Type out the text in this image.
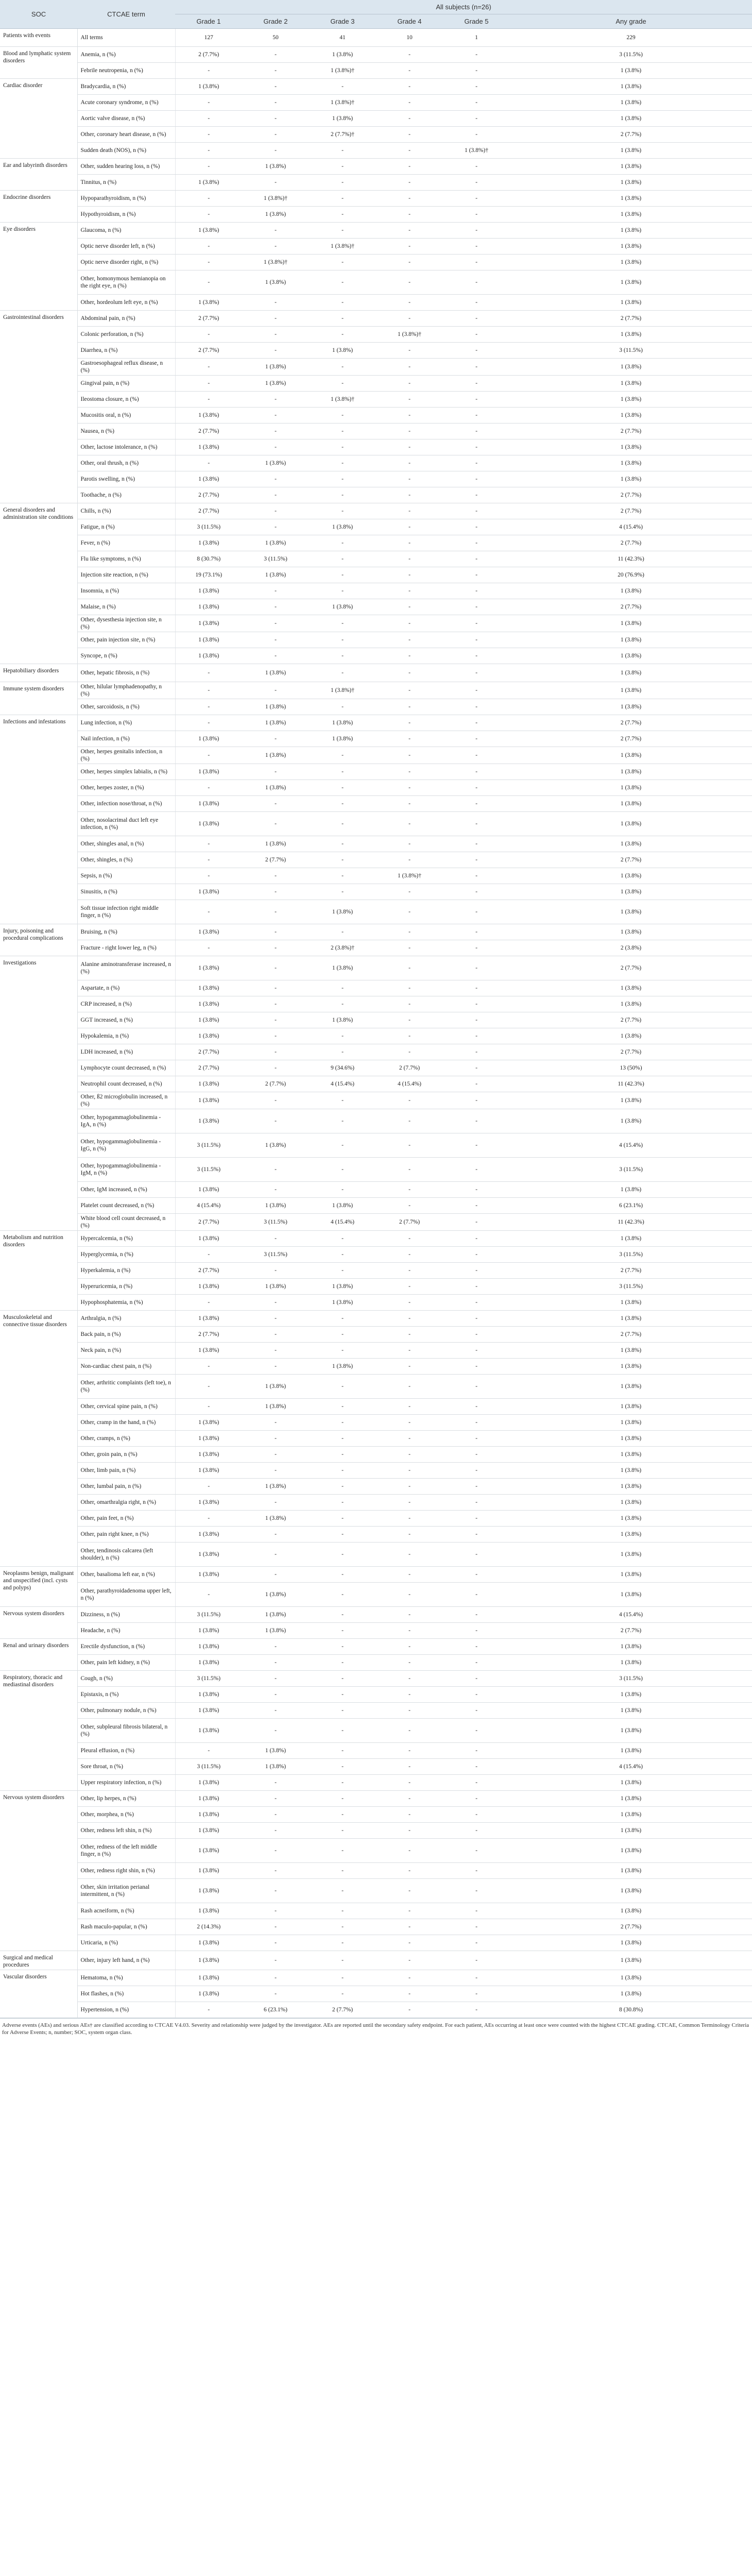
SOC	CTCAE term	All subjects (n=26)					
		Grade 1	Grade 2	Grade 3	Grade 4	Grade 5	Any grade
Patients with events	All terms	127	50	41	10	1	229
Blood and lymphatic system disorders	Anemia, n (%)	2 (7.7%)	-	1 (3.8%)	-	-	3 (11.5%)
	Febrile neutropenia, n (%)	-	-	1 (3.8%)†	-	-	1 (3.8%)
Cardiac disorder	Bradycardia, n (%)	1 (3.8%)	-	-	-	-	1 (3.8%)
	Acute coronary syndrome, n (%)	-	-	1 (3.8%)†	-	-	1 (3.8%)
	Aortic valve disease, n (%)	-	-	1 (3.8%)	-	-	1 (3.8%)
	Other, coronary heart disease, n (%)	-	-	2 (7.7%)†	-	-	2 (7.7%)
	Sudden death (NOS), n (%)	-	-	-	-	1 (3.8%)†	1 (3.8%)
Ear and labyrinth disorders	Other, sudden hearing loss, n (%)	-	1 (3.8%)	-	-	-	1 (3.8%)
	Tinnitus, n (%)	1 (3.8%)	-	-	-	-	1 (3.8%)
Endocrine disorders	Hypoparathyroidism, n (%)	-	1 (3.8%)†	-	-	-	1 (3.8%)
	Hypothyroidism, n (%)	-	1 (3.8%)	-	-	-	1 (3.8%)
Eye disorders	Glaucoma, n (%)	1 (3.8%)	-	-	-	-	1 (3.8%)
	Optic nerve disorder left, n (%)	-	-	1 (3.8%)†	-	-	1 (3.8%)
	Optic nerve disorder right, n (%)	-	1 (3.8%)†	-	-	-	1 (3.8%)
	Other, homonymous hemianopia on the right eye, n (%)	-	1 (3.8%)	-	-	-	1 (3.8%)
	Other, hordeolum left eye, n (%)	1 (3.8%)	-	-	-	-	1 (3.8%)
Gastrointestinal disorders	Abdominal pain, n (%)	2 (7.7%)	-	-	-	-	2 (7.7%)
	Colonic perforation, n (%)	-	-	-	1 (3.8%)†	-	1 (3.8%)
	Diarrhea, n (%)	2 (7.7%)	-	1 (3.8%)	-	-	3 (11.5%)
	Gastroesophageal reflux disease, n (%)	-	1 (3.8%)	-	-	-	1 (3.8%)
	Gingival pain, n (%)	-	1 (3.8%)	-	-	-	1 (3.8%)
	Ileostoma closure, n (%)	-	-	1 (3.8%)†	-	-	1 (3.8%)
	Mucositis oral, n (%)	1 (3.8%)	-	-	-	-	1 (3.8%)
	Nausea, n (%)	2 (7.7%)	-	-	-	-	2 (7.7%)
	Other, lactose intolerance, n (%)	1 (3.8%)	-	-	-	-	1 (3.8%)
	Other, oral thrush, n (%)	-	1 (3.8%)	-	-	-	1 (3.8%)
	Parotis swelling, n (%)	1 (3.8%)	-	-	-	-	1 (3.8%)
	Toothache, n (%)	2 (7.7%)	-	-	-	-	2 (7.7%)
General disorders and administration site conditions	Chills, n (%)	2 (7.7%)	-	-	-	-	2 (7.7%)
	Fatigue, n (%)	3 (11.5%)	-	1 (3.8%)	-	-	4 (15.4%)
	Fever, n (%)	1 (3.8%)	1 (3.8%)	-	-	-	2 (7.7%)
	Flu like symptoms, n (%)	8 (30.7%)	3 (11.5%)	-	-	-	11 (42.3%)
	Injection site reaction, n (%)	19 (73.1%)	1 (3.8%)	-	-	-	20 (76.9%)
	Insomnia, n (%)	1 (3.8%)	-	-	-	-	1 (3.8%)
	Malaise, n (%)	1 (3.8%)	-	1 (3.8%)	-	-	2 (7.7%)
	Other, dysesthesia injection site, n (%)	1 (3.8%)	-	-	-	-	1 (3.8%)
	Other, pain injection site, n (%)	1 (3.8%)	-	-	-	-	1 (3.8%)
	Syncope, n (%)	1 (3.8%)	-	-	-	-	1 (3.8%)
Hepatobiliary disorders	Other, hepatic fibrosis, n (%)	-	1 (3.8%)	-	-	-	1 (3.8%)
Immune system disorders	Other, hilular lymphadenopathy, n (%)	-	-	1 (3.8%)†	-	-	1 (3.8%)
	Other, sarcoidosis, n (%)	-	1 (3.8%)	-	-	-	1 (3.8%)
Infections and infestations	Lung infection, n (%)	-	1 (3.8%)	1 (3.8%)	-	-	2 (7.7%)
	Nail infection, n (%)	1 (3.8%)	-	1 (3.8%)	-	-	2 (7.7%)
	Other, herpes genitalis infection, n (%)	-	1 (3.8%)	-	-	-	1 (3.8%)
	Other, herpes simplex labialis, n (%)	1 (3.8%)	-	-	-	-	1 (3.8%)
	Other, herpes zoster, n (%)	-	1 (3.8%)	-	-	-	1 (3.8%)
	Other, infection nose/throat, n (%)	1 (3.8%)	-	-	-	-	1 (3.8%)
	Other, nosolacrimal duct left eye infection, n (%)	1 (3.8%)	-	-	-	-	1 (3.8%)
	Other, shingles anal, n (%)	-	1 (3.8%)	-	-	-	1 (3.8%)
	Other, shingles, n (%)	-	2 (7.7%)	-	-	-	2 (7.7%)
	Sepsis, n (%)	-	-	-	1 (3.8%)†	-	1 (3.8%)
	Sinusitis, n (%)	1 (3.8%)	-	-	-	-	1 (3.8%)
	Soft tissue infection right middle finger, n (%)	-	-	1 (3.8%)	-	-	1 (3.8%)
Injury, poisoning and procedural complications	Bruising, n (%)	1 (3.8%)	-	-	-	-	1 (3.8%)
	Fracture - right lower leg, n (%)	-	-	2 (3.8%)†	-	-	2 (3.8%)
Investigations	Alanine aminotransferase increased, n (%)	1 (3.8%)	-	1 (3.8%)	-	-	2 (7.7%)
	Aspartate, n (%)	1 (3.8%)	-	-	-	-	1 (3.8%)
	CRP increased, n (%)	1 (3.8%)	-	-	-	-	1 (3.8%)
	GGT increased, n (%)	1 (3.8%)	-	1 (3.8%)	-	-	2 (7.7%)
	Hypokalemia, n (%)	1 (3.8%)	-	-	-	-	1 (3.8%)
	LDH increased, n (%)	2 (7.7%)	-	-	-	-	2 (7.7%)
	Lymphocyte count decreased, n (%)	2 (7.7%)	-	9 (34.6%)	2 (7.7%)	-	13 (50%)
	Neutrophil count decreased, n (%)	1 (3.8%)	2 (7.7%)	4 (15.4%)	4 (15.4%)	-	11 (42.3%)
	Other, ß2 microglobulin increased, n (%)	1 (3.8%)	-	-	-	-	1 (3.8%)
	Other, hypogammaglobulinemia - IgA, n (%)	1 (3.8%)	-	-	-	-	1 (3.8%)
	Other, hypogammaglobulinemia - IgG, n (%)	3 (11.5%)	1 (3.8%)	-	-	-	4 (15.4%)
	Other, hypogammaglobulinemia - IgM, n (%)	3 (11.5%)	-	-	-	-	3 (11.5%)
	Other, IgM increased, n (%)	1 (3.8%)	-	-	-	-	1 (3.8%)
	Platelet count decreased, n (%)	4 (15.4%)	1 (3.8%)	1 (3.8%)	-	-	6 (23.1%)
	White blood cell count decreased, n (%)	2 (7.7%)	3 (11.5%)	4 (15.4%)	2 (7.7%)	-	11 (42.3%)
Metabolism and nutrition disorders	Hypercalcemia, n (%)	1 (3.8%)	-	-	-	-	1 (3.8%)
	Hyperglycemia, n (%)	-	3 (11.5%)	-	-	-	3 (11.5%)
	Hyperkalemia, n (%)	2 (7.7%)	-	-	-	-	2 (7.7%)
	Hyperuricemia, n (%)	1 (3.8%)	1 (3.8%)	1 (3.8%)	-	-	3 (11.5%)
	Hypophosphatemia, n (%)	-	-	1 (3.8%)	-	-	1 (3.8%)
Musculoskeletal and connective tissue disorders	Arthralgia, n (%)	1 (3.8%)	-	-	-	-	1 (3.8%)
	Back pain, n (%)	2 (7.7%)	-	-	-	-	2 (7.7%)
	Neck pain, n (%)	1 (3.8%)	-	-	-	-	1 (3.8%)
	Non-cardiac chest pain, n (%)	-	-	1 (3.8%)	-	-	1 (3.8%)
	Other, arthritic complaints (left toe), n (%)	-	1 (3.8%)	-	-	-	1 (3.8%)
	Other, cervical spine pain, n (%)	-	1 (3.8%)	-	-	-	1 (3.8%)
	Other, cramp in the hand, n (%)	1 (3.8%)	-	-	-	-	1 (3.8%)
	Other, cramps, n (%)	1 (3.8%)	-	-	-	-	1 (3.8%)
	Other, groin pain, n (%)	1 (3.8%)	-	-	-	-	1 (3.8%)
	Other, limb pain, n (%)	1 (3.8%)	-	-	-	-	1 (3.8%)
	Other, lumbal pain, n (%)	-	1 (3.8%)	-	-	-	1 (3.8%)
	Other, omarthralgia right, n (%)	1 (3.8%)	-	-	-	-	1 (3.8%)
	Other, pain feet, n (%)	-	1 (3.8%)	-	-	-	1 (3.8%)
	Other, pain right knee, n (%)	1 (3.8%)	-	-	-	-	1 (3.8%)
	Other, tendinosis calcarea (left shoulder), n (%)	1 (3.8%)	-	-	-	-	1 (3.8%)
Neoplasms benign, malignant and unspecified (incl. cysts and polyps)	Other, basalioma left ear, n (%)	1 (3.8%)	-	-	-	-	1 (3.8%)
	Other, parathyroidadenoma upper left, n (%)	-	1 (3.8%)	-	-	-	1 (3.8%)
Nervous system disorders	Dizziness, n (%)	3 (11.5%)	1 (3.8%)	-	-	-	4 (15.4%)
	Headache, n (%)	1 (3.8%)	1 (3.8%)	-	-	-	2 (7.7%)
Renal and urinary disorders	Erectile dysfunction, n (%)	1 (3.8%)	-	-	-	-	1 (3.8%)
	Other, pain left kidney, n (%)	1 (3.8%)	-	-	-	-	1 (3.8%)
Respiratory, thoracic and mediastinal disorders	Cough, n (%)	3 (11.5%)	-	-	-	-	3 (11.5%)
	Epistaxis, n (%)	1 (3.8%)	-	-	-	-	1 (3.8%)
	Other, pulmonary nodule, n (%)	1 (3.8%)	-	-	-	-	1 (3.8%)
	Other, subpleural fibrosis bilateral, n (%)	1 (3.8%)	-	-	-	-	1 (3.8%)
	Pleural effusion, n (%)	-	1 (3.8%)	-	-	-	1 (3.8%)
	Sore throat, n (%)	3 (11.5%)	1 (3.8%)	-	-	-	4 (15.4%)
	Upper respiratory infection, n (%)	1 (3.8%)	-	-	-	-	1 (3.8%)
Nervous system disorders	Other, lip herpes, n (%)	1 (3.8%)	-	-	-	-	1 (3.8%)
	Other, morphea, n (%)	1 (3.8%)	-	-	-	-	1 (3.8%)
	Other, redness left shin, n (%)	1 (3.8%)	-	-	-	-	1 (3.8%)
	Other, redness of the left middle finger, n (%)	1 (3.8%)	-	-	-	-	1 (3.8%)
	Other, redness right shin, n (%)	1 (3.8%)	-	-	-	-	1 (3.8%)
	Other, skin irritation perianal intermittent, n (%)	1 (3.8%)	-	-	-	-	1 (3.8%)
	Rash acneiform, n (%)	1 (3.8%)	-	-	-	-	1 (3.8%)
	Rash maculo-papular, n (%)	2 (14.3%)	-	-	-	-	2 (7.7%)
	Urticaria, n (%)	1 (3.8%)	-	-	-	-	1 (3.8%)
Surgical and medical procedures	Other, injury left hand, n (%)	1 (3.8%)	-	-	-	-	1 (3.8%)
Vascular disorders	Hematoma, n (%)	1 (3.8%)	-	-	-	-	1 (3.8%)
	Hot flashes, n (%)	1 (3.8%)	-	-	-	-	1 (3.8%)
	Hypertension, n (%)	-	6 (23.1%)	2 (7.7%)	-	-	8 (30.8%)
Adverse events (AEs) and serious AEs† are classified according to CTCAE V4.03. Severity and relationship were judged by the investigator. AEs are reported until the secondary safety endpoint. For each patient, AEs occurring at least once were counted with the highest CTCAE grading. CTCAE, Common Terminology Criteria for Adverse Events; n, number; SOC, system organ class.
